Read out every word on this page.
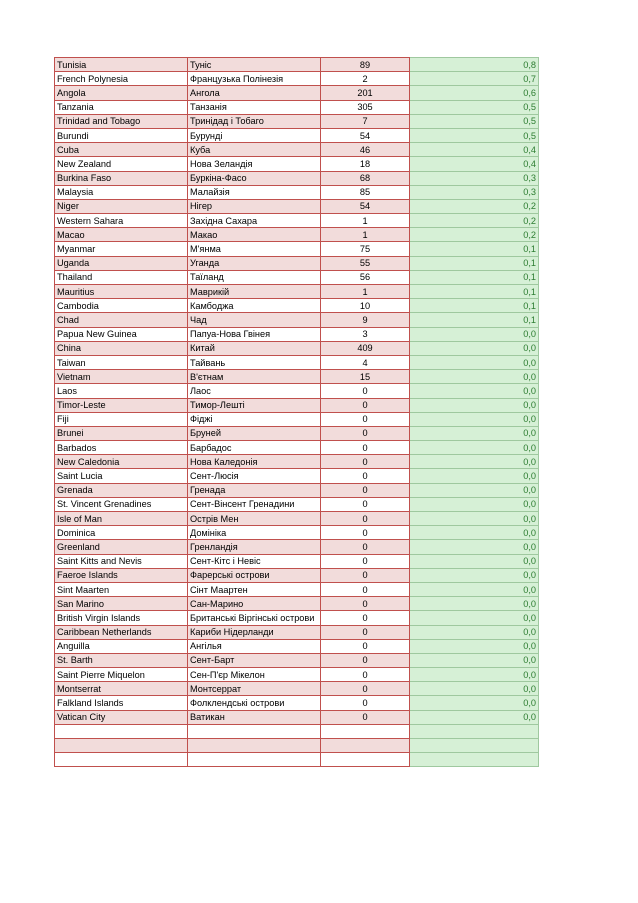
Tunisia	Туніс	89	0,8
French Polynesia	Французька Полінезія	2	0,7
Angola	Ангола	201	0,6
Tanzania	Танзанія	305	0,5
Trinidad and Tobago	Тринідад і Тобаго	7	0,5
Burundi	Бурунді	54	0,5
Cuba	Куба	46	0,4
New Zealand	Нова Зеландія	18	0,4
Burkina Faso	Буркіна-Фасо	68	0,3
Malaysia	Малайзія	85	0,3
Niger	Нігер	54	0,2
Western Sahara	Західна Сахара	1	0,2
Macao	Макао	1	0,2
Myanmar	М'янма	75	0,1
Uganda	Уганда	55	0,1
Thailand	Таїланд	56	0,1
Mauritius	Маврикій	1	0,1
Cambodia	Камбоджа	10	0,1
Chad	Чад	9	0,1
Papua New Guinea	Папуа-Нова Гвінея	3	0,0
China	Китай	409	0,0
Taiwan	Тайвань	4	0,0
Vietnam	В'єтнам	15	0,0
Laos	Лаос	0	0,0
Timor-Leste	Тимор-Лешті	0	0,0
Fiji	Фіджі	0	0,0
Brunei	Бруней	0	0,0
Barbados	Барбадос	0	0,0
New Caledonia	Нова Каледонія	0	0,0
Saint Lucia	Сент-Люсія	0	0,0
Grenada	Гренада	0	0,0
St. Vincent Grenadines	Сент-Вінсент Гренадини	0	0,0
Isle of Man	Острів Мен	0	0,0
Dominica	Домініка	0	0,0
Greenland	Гренландія	0	0,0
Saint Kitts and Nevis	Сент-Кітс і Невіс	0	0,0
Faeroe Islands	Фарерські острови	0	0,0
Sint Maarten	Сінт Маартен	0	0,0
San Marino	Сан-Марино	0	0,0
British Virgin Islands	Британські Віргінські острови	0	0,0
Caribbean Netherlands	Кариби Нідерланди	0	0,0
Anguilla	Ангілья	0	0,0
St. Barth	Сент-Барт	0	0,0
Saint Pierre Miquelon	Сен-П'єр Мікелон	0	0,0
Montserrat	Монтсеррат	0	0,0
Falkland Islands	Фолклендські острови	0	0,0
Vatican City	Ватикан	0	0,0
